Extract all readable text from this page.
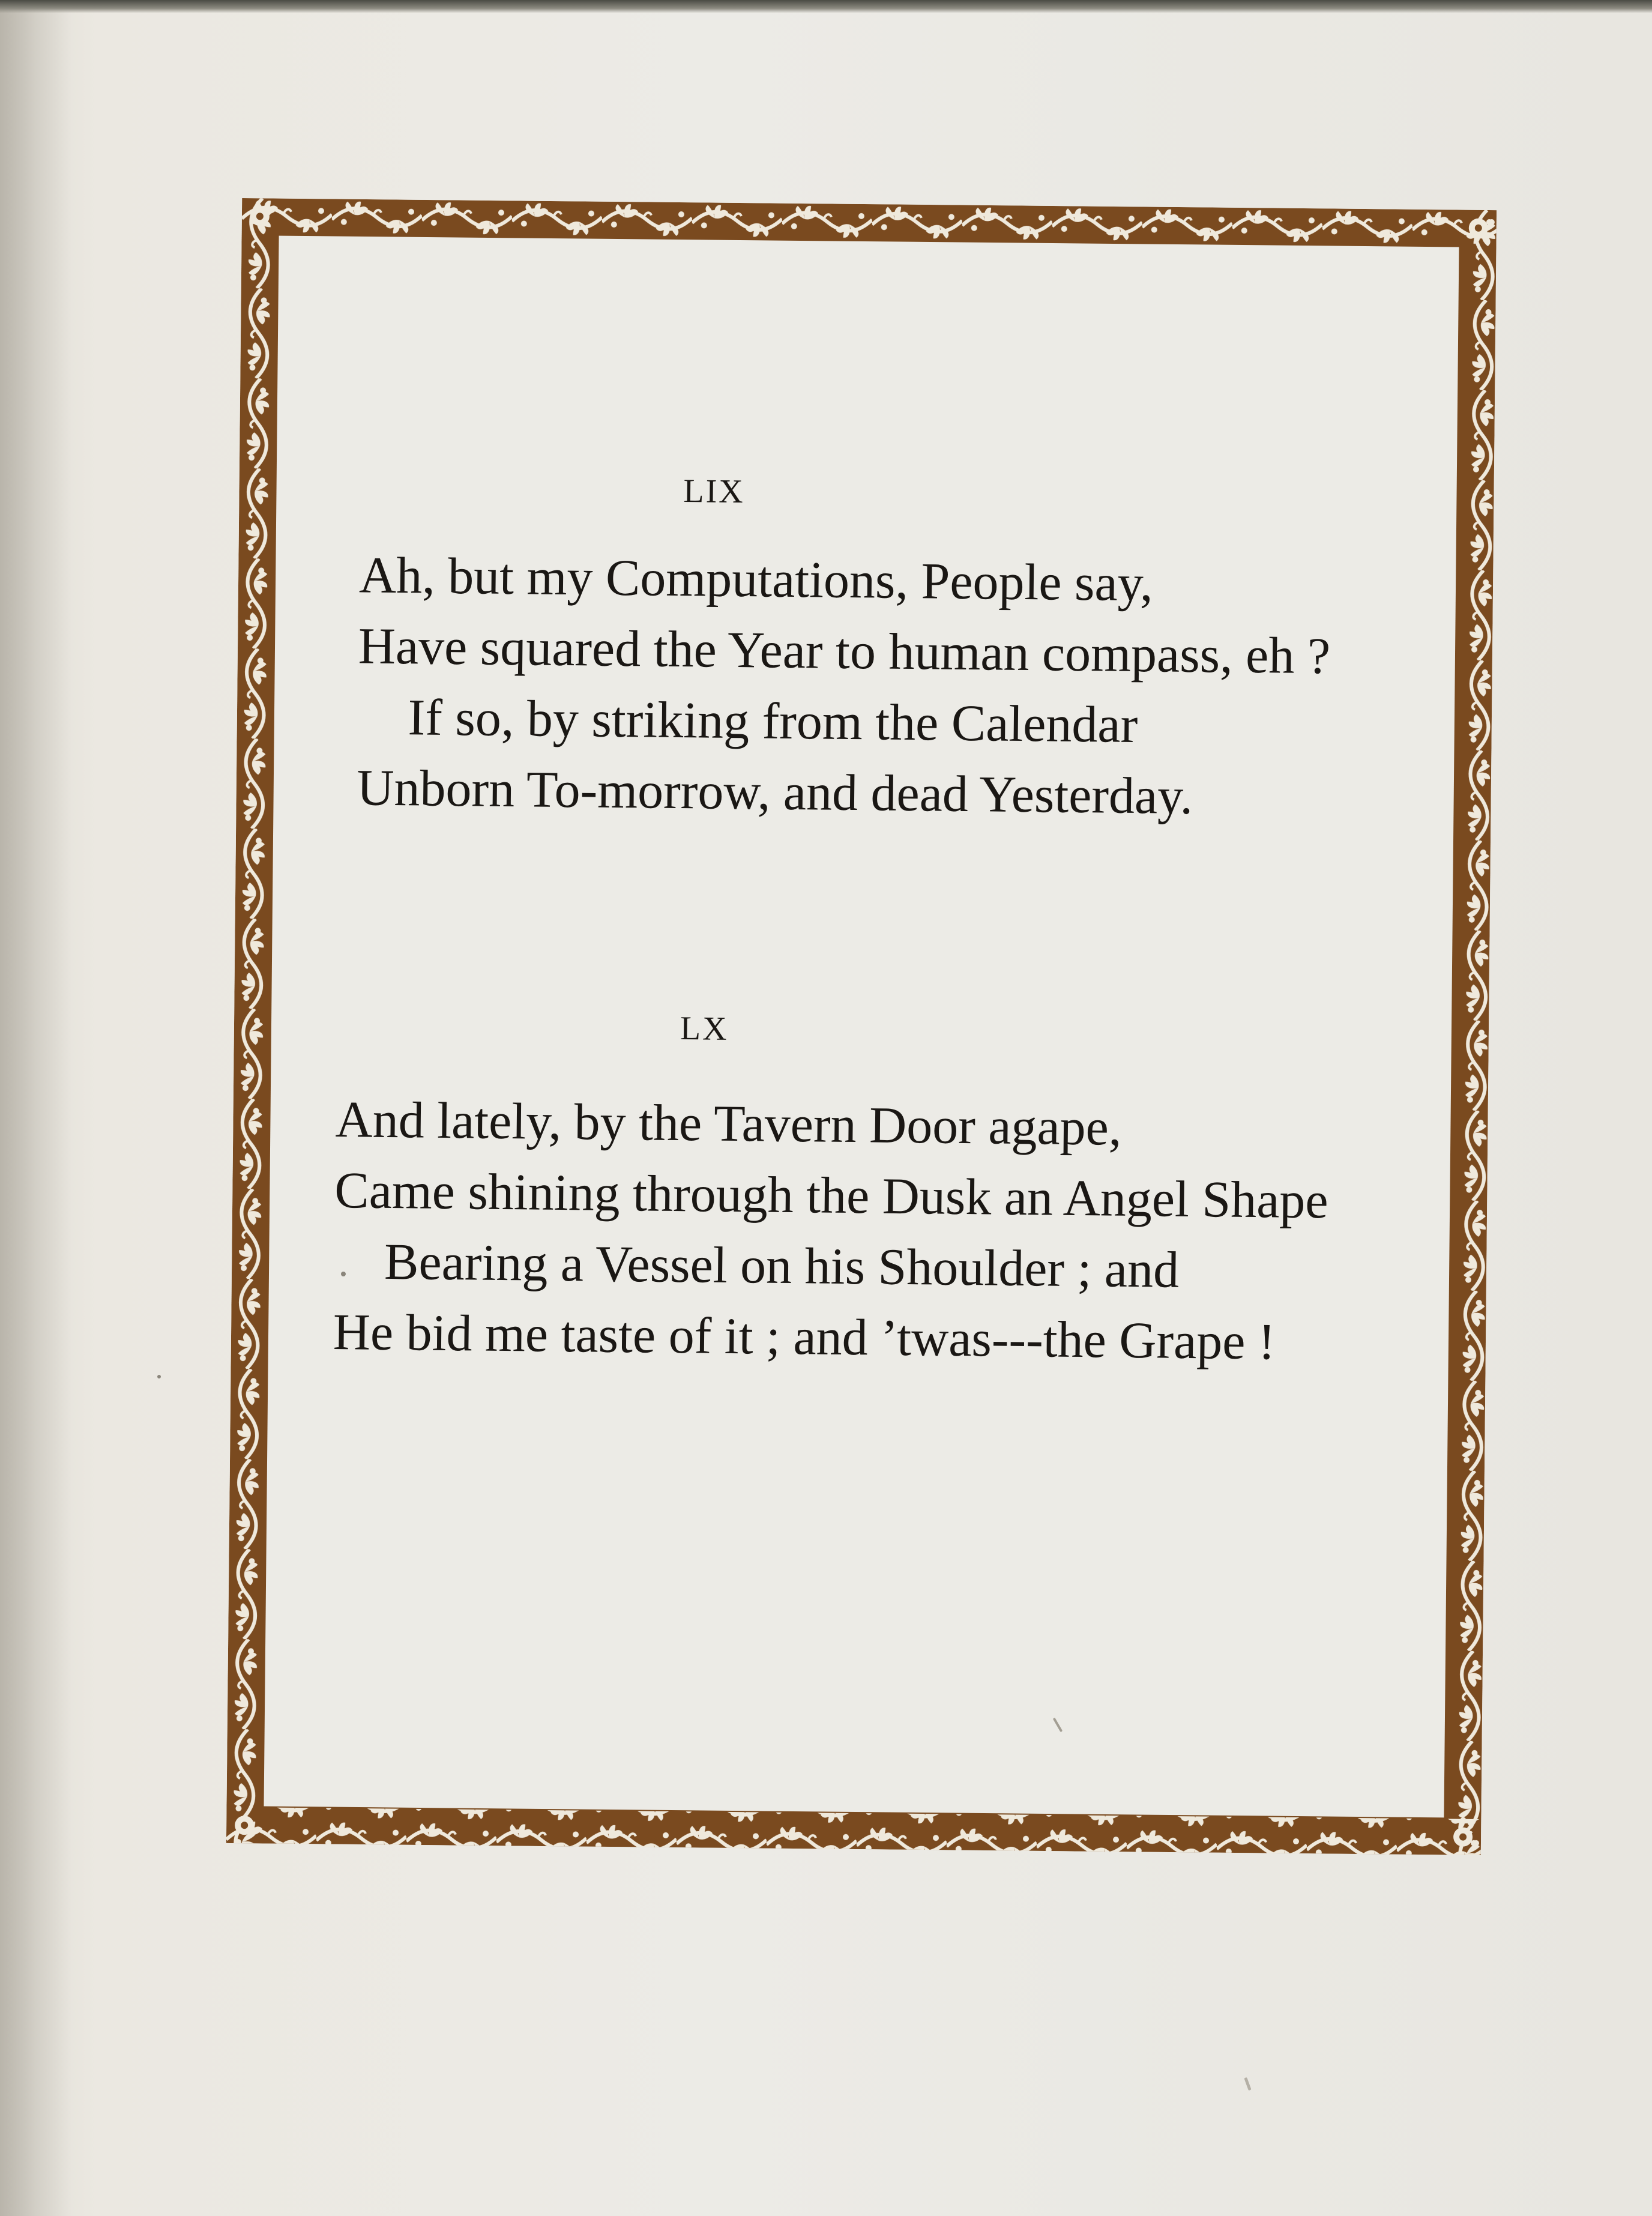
LIX

Ah, but my Computations, People say,
Have squared the Year to human compass, eh ?
If so, by striking from the Calendar
Unborn To-morrow, and dead Yesterday.

LX

And lately, by the Tavern Door agape,
Came shining through the Dusk an Angel Shape
Bearing a Vessel on his Shoulder ; and
He bid me taste of it ; and ’twas---the Grape !
